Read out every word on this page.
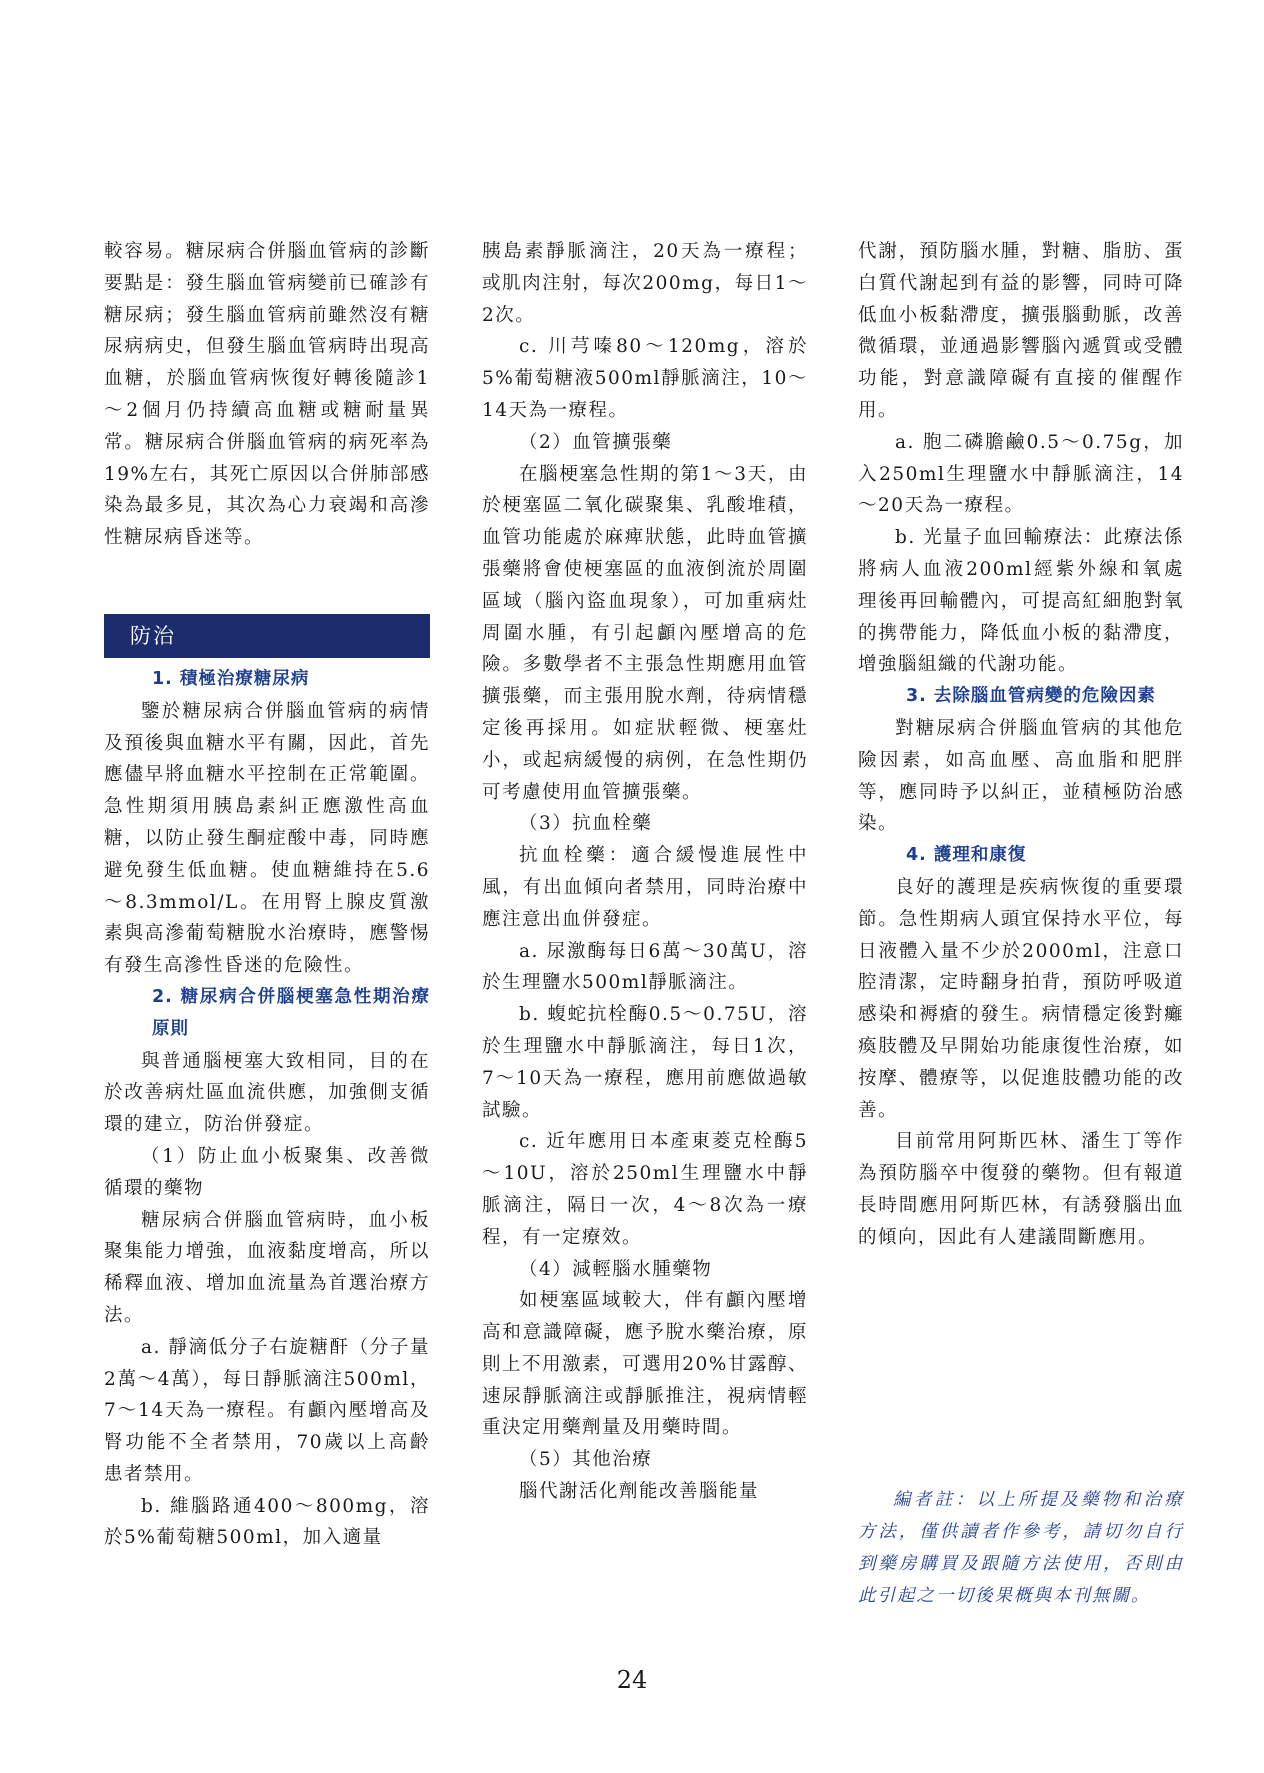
較容易。糖尿病合併腦血管病的診斷要點是：發生腦血管病變前已確診有糖尿病；發生腦血管病前雖然沒有糖尿病病史，但發生腦血管病時出現高血糖，於腦血管病恢復好轉後隨診1～2個月仍持續高血糖或糖耐量異常。糖尿病合併腦血管病的病死率為19%左右，其死亡原因以合併肺部感染為最多見，其次為心力衰竭和高滲性糖尿病昏迷等。

1. 積極治療糖尿病

鑒於糖尿病合併腦血管病的病情及預後與血糖水平有關，因此，首先應儘早將血糖水平控制在正常範圍。急性期須用胰島素糾正應激性高血糖，以防止發生酮症酸中毒，同時應避免發生低血糖。使血糖維持在5.6～8.3mmol/L。在用腎上腺皮質激素與高滲葡萄糖脫水治療時，應警惕有發生高滲性昏迷的危險性。

2. 糖尿病合併腦梗塞急性期治療原則

與普通腦梗塞大致相同，目的在於改善病灶區血流供應，加強側支循環的建立，防治併發症。

（1）防止血小板聚集、改善微循環的藥物

糖尿病合併腦血管病時，血小板聚集能力增強，血液黏度增高，所以稀釋血液、增加血流量為首選治療方法。

a. 靜滴低分子右旋糖酐（分子量2萬～4萬），每日靜脈滴注500ml，7～14天為一療程。有顱內壓增高及腎功能不全者禁用，70歲以上高齡患者禁用。

b. 維腦路通400～800mg，溶於5%葡萄糖500ml，加入適量

防治

胰島素靜脈滴注，20天為一療程；或肌肉注射，每次200mg，每日1～2次。

c. 川芎嗪80～120mg，溶於5%葡萄糖液500ml靜脈滴注，10～14天為一療程。

（2）血管擴張藥

在腦梗塞急性期的第1～3天，由於梗塞區二氧化碳聚集、乳酸堆積，血管功能處於麻痺狀態，此時血管擴張藥將會使梗塞區的血液倒流於周圍區域（腦內盜血現象），可加重病灶周圍水腫，有引起顱內壓增高的危險。多數學者不主張急性期應用血管擴張藥，而主張用脫水劑，待病情穩定後再採用。如症狀輕微、梗塞灶小，或起病緩慢的病例，在急性期仍可考慮使用血管擴張藥。

（3）抗血栓藥

抗血栓藥：適合緩慢進展性中風，有出血傾向者禁用，同時治療中應注意出血併發症。

a. 尿激酶每日6萬～30萬U，溶於生理鹽水500ml靜脈滴注。

b. 蝮蛇抗栓酶0.5～0.75U，溶於生理鹽水中靜脈滴注，每日1次，7～10天為一療程，應用前應做過敏試驗。

c. 近年應用日本產東菱克栓酶5～10U，溶於250ml生理鹽水中靜脈滴注，隔日一次，4～8次為一療程，有一定療效。

（4）減輕腦水腫藥物

如梗塞區域較大，伴有顱內壓增高和意識障礙，應予脫水藥治療，原則上不用激素，可選用20%甘露醇、速尿靜脈滴注或靜脈推注，視病情輕重決定用藥劑量及用藥時間。

（5）其他治療

腦代謝活化劑能改善腦能量

代謝，預防腦水腫，對糖、脂肪、蛋白質代謝起到有益的影響，同時可降低血小板黏滯度，擴張腦動脈，改善微循環，並通過影響腦內遞質或受體功能，對意識障礙有直接的催醒作用。

a. 胞二磷膽鹼0.5～0.75g，加入250ml生理鹽水中靜脈滴注，14～20天為一療程。

b. 光量子血回輸療法：此療法係將病人血液200ml經紫外線和氧處理後再回輸體內，可提高紅細胞對氧的携帶能力，降低血小板的黏滯度，增強腦組織的代謝功能。

3. 去除腦血管病變的危險因素

對糖尿病合併腦血管病的其他危險因素，如高血壓、高血脂和肥胖等，應同時予以糾正，並積極防治感染。

4. 護理和康復

良好的護理是疾病恢復的重要環節。急性期病人頭宜保持水平位，每日液體入量不少於2000ml，注意口腔清潔，定時翻身拍背，預防呼吸道感染和褥瘡的發生。病情穩定後對癱瘓肢體及早開始功能康復性治療，如按摩、體療等，以促進肢體功能的改善。

目前常用阿斯匹林、潘生丁等作為預防腦卒中復發的藥物。但有報道長時間應用阿斯匹林，有誘發腦出血的傾向，因此有人建議間斷應用。

編者註：以上所提及藥物和治療方法，僅供讀者作參考，請切勿自行到藥房購買及跟隨方法使用，否則由此引起之一切後果概與本刊無關。
24
